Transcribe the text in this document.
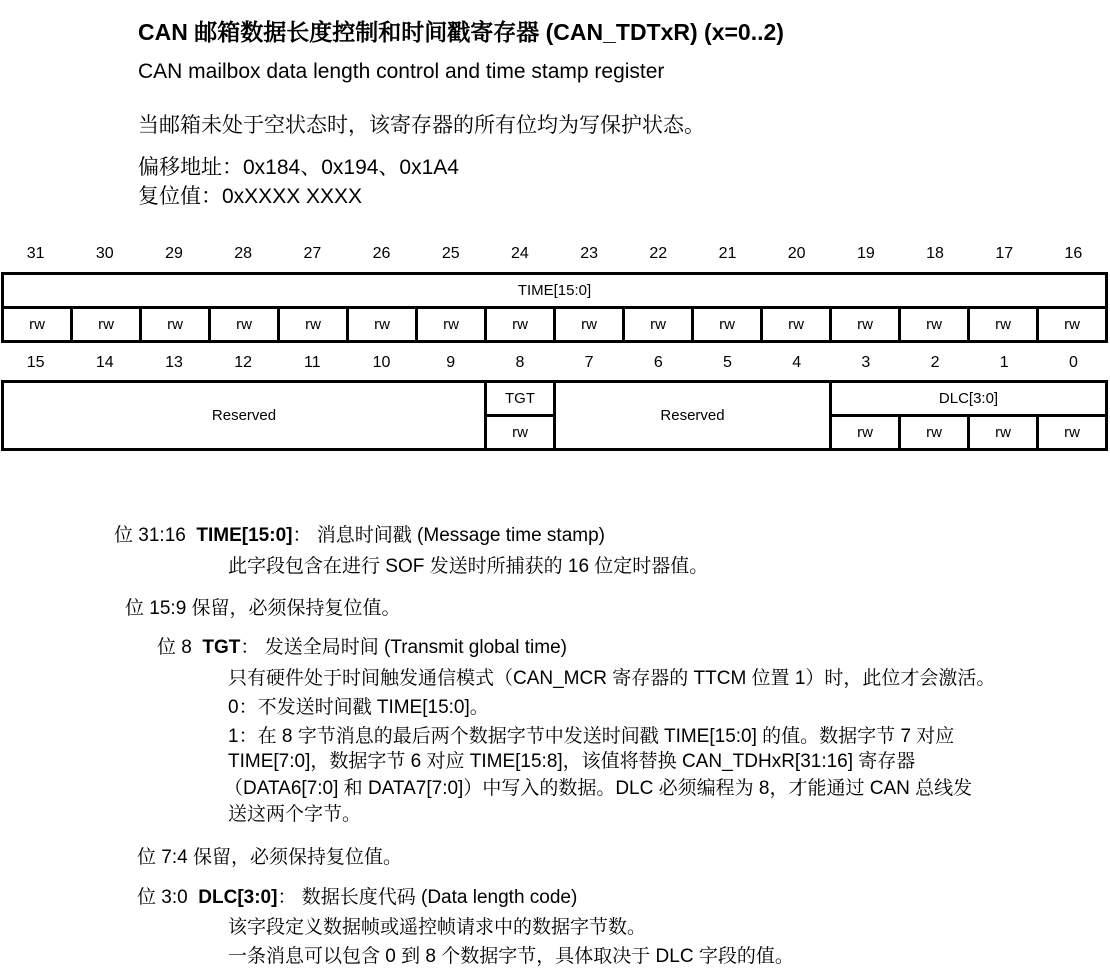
CAN 邮箱数据长度控制和时间戳寄存器 (CAN_TDTxR) (x=0..2)
CAN mailbox data length control and time stamp register
当邮箱未处于空状态时，该寄存器的所有位均为写保护状态。
偏移地址：0x184、0x194、0x1A4
复位值：0xXXXX XXXX
31	30	29	28	27	26	25	24	23	22	21	20	19	18	17	16
TIME[15:0]
rw	rw	rw	rw	rw	rw	rw	rw	rw	rw	rw	rw	rw	rw	rw	rw
15	14	13	12	11	10	9	8	7	6	5	4	3	2	1	0
Reserved	TGT	Reserved	DLC[3:0]			
	rw		rw	rw	rw	rw
位 31:16 TIME[15:0]： 消息时间戳 (Message time stamp)
此字段包含在进行 SOF 发送时所捕获的 16 位定时器值。
位 15:9 保留，必须保持复位值。
位 8 TGT： 发送全局时间 (Transmit global time)
只有硬件处于时间触发通信模式（CAN_MCR 寄存器的 TTCM 位置 1）时，此位才会激活。
0：不发送时间戳 TIME[15:0]。
1：在 8 字节消息的最后两个数据字节中发送时间戳 TIME[15:0] 的值。数据字节 7 对应
TIME[7:0]，数据字节 6 对应 TIME[15:8]，该值将替换 CAN_TDHxR[31:16] 寄存器
（DATA6[7:0] 和 DATA7[7:0]）中写入的数据。DLC 必须编程为 8，才能通过 CAN 总线发
送这两个字节。
位 7:4 保留，必须保持复位值。
位 3:0 DLC[3:0]： 数据长度代码 (Data length code)
该字段定义数据帧或遥控帧请求中的数据字节数。
一条消息可以包含 0 到 8 个数据字节，具体取决于 DLC 字段的值。
